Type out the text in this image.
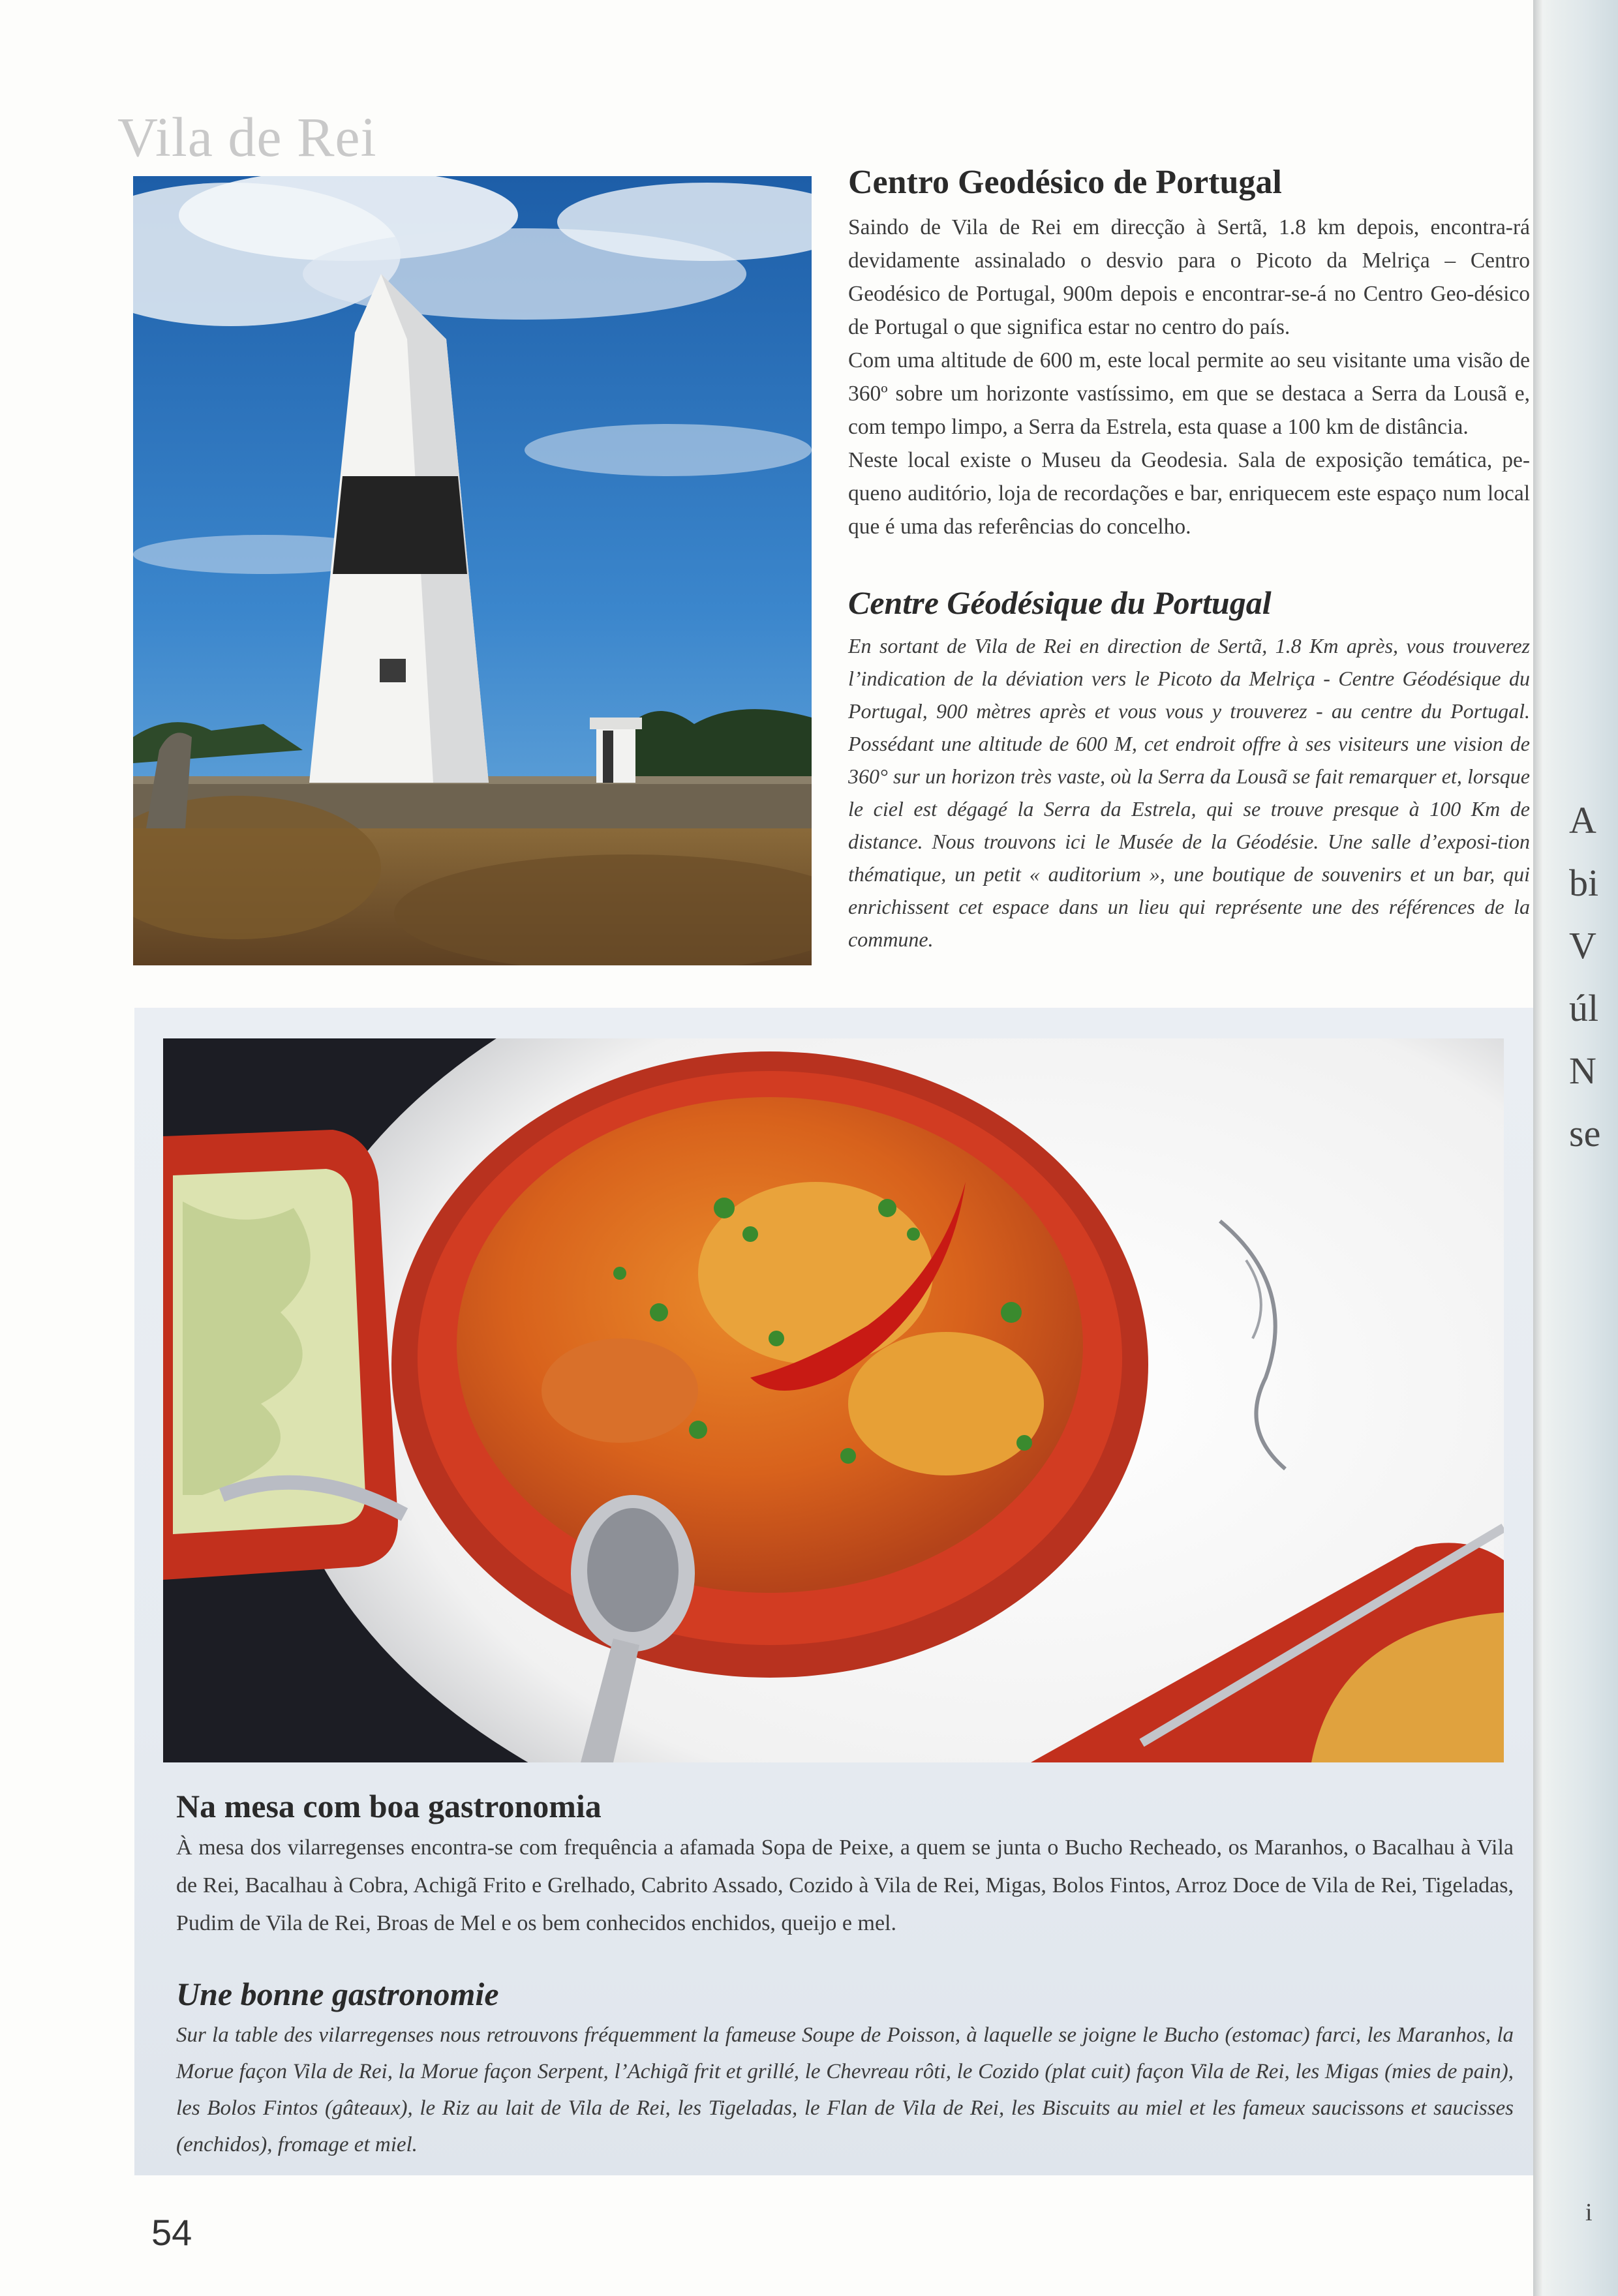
A
bi
V
úl
N
se
i
Vila de Rei
Centro Geodésico de Portugal

Saindo de Vila de Rei em direcção à Sertã, 1.8 km depois, encontra-rá devidamente assinalado o desvio para o Picoto da Melriça – Centro Geodésico de Portugal, 900m depois e encontrar-se-á no Centro Geo-désico de Portugal o que significa estar no centro do país.

Com uma altitude de 600 m, este local permite ao seu visitante uma visão de 360º sobre um horizonte vastíssimo, em que se destaca a Serra da Lousã e, com tempo limpo, a Serra da Estrela, esta quase a 100 km de distância.

Neste local existe o Museu da Geodesia. Sala de exposição temática, pe-queno auditório, loja de recordações e bar, enriquecem este espaço num local que é uma das referências do concelho.

Centre Géodésique du Portugal

En sortant de Vila de Rei en direction de Sertã, 1.8 Km après, vous trouverez l’indication de la déviation vers le Picoto da Melriça - Centre Géodésique du Portugal, 900 mètres après et vous vous y trouverez - au centre du Portugal. Possédant une altitude de 600 M, cet endroit offre à ses visiteurs une vision de 360° sur un horizon très vaste, où la Serra da Lousã se fait remarquer et, lorsque le ciel est dégagé la Serra da Estrela, qui se trouve presque à 100 Km de distance. Nous trouvons ici le Musée de la Géodésie. Une salle d’exposi-tion thématique, un petit « auditorium », une boutique de souvenirs et un bar, qui enrichissent cet espace dans un lieu qui représente une des références de la commune.

Na mesa com boa gastronomia

À mesa dos vilarregenses encontra-se com frequência a afamada Sopa de Peixe, a quem se junta o Bucho Recheado, os Maranhos, o Bacalhau à Vila de Rei, Bacalhau à Cobra, Achigã Frito e Grelhado, Cabrito Assado, Cozido à Vila de Rei, Migas, Bolos Fintos, Arroz Doce de Vila de Rei, Tigeladas, Pudim de Vila de Rei, Broas de Mel e os bem conhecidos enchidos, queijo e mel.

Une bonne gastronomie

Sur la table des vilarregenses nous retrouvons fréquemment la fameuse Soupe de Poisson, à laquelle se joigne le Bucho (estomac) farci, les Maranhos, la Morue façon Vila de Rei, la Morue façon Serpent, l’Achigã frit et grillé, le Chevreau rôti, le Cozido (plat cuit) façon Vila de Rei, les Migas (mies de pain), les Bolos Fintos (gâteaux), le Riz au lait de Vila de Rei, les Tigeladas, le Flan de Vila de Rei, les Biscuits au miel et les fameux saucissons et saucisses (enchidos), fromage et miel.

54
